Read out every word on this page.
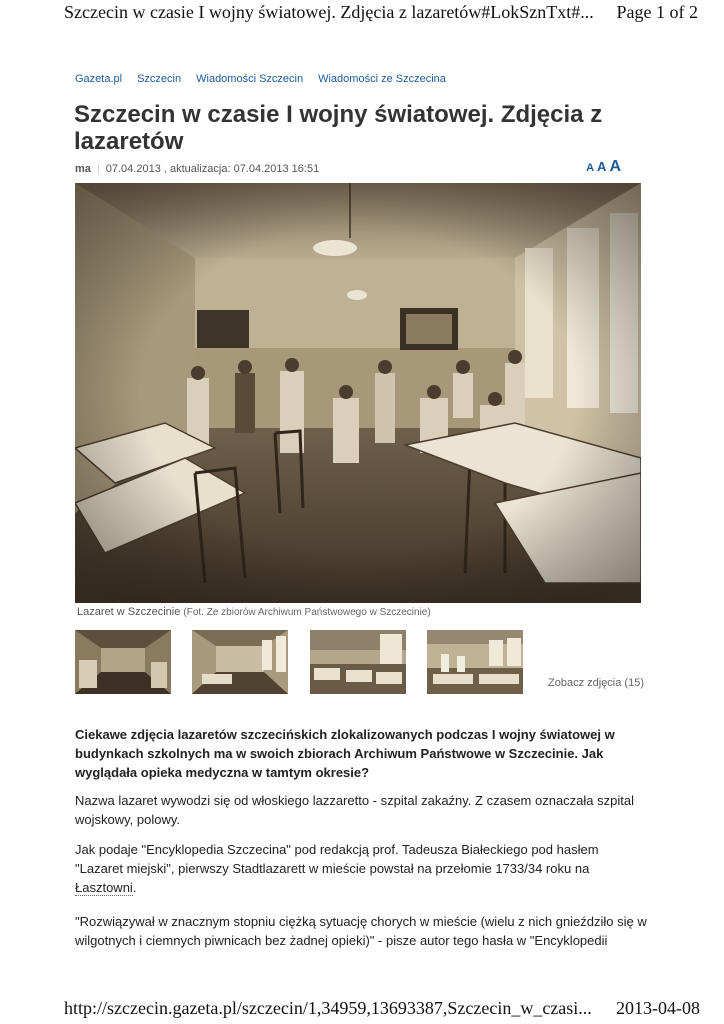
Szczecin w czasie I wojny światowej. Zdjęcia z lazaretów#LokSznTxt#... Page 1 of 2
Gazeta.pl Szczecin Wiadomości Szczecin Wiadomości ze Szczecina
Szczecin w czasie I wojny światowej. Zdjęcia z lazaretów
ma | 07.04.2013 , aktualizacja: 07.04.2013 16:51	A A A
Lazaret w Szczecinie (Fot. Ze zbiorów Archiwum Państwowego w Szczecinie)
Zobacz zdjęcia (15)

Ciekawe zdjęcia lazaretów szczecińskich zlokalizowanych podczas I wojny światowej w budynkach szkolnych ma w swoich zbiorach Archiwum Państwowe w Szczecinie. Jak wyglądała opieka medyczna w tamtym okresie?

Nazwa lazaret wywodzi się od włoskiego lazzaretto - szpital zakaźny. Z czasem oznaczała szpital wojskowy, polowy.

Jak podaje "Encyklopedia Szczecina" pod redakcją prof. Tadeusza Białeckiego pod hasłem "Lazaret miejski", pierwszy Stadtlazarett w mieście powstał na przełomie 1733/34 roku na Łasztowni.

"Rozwiązywał w znacznym stopniu ciężką sytuację chorych w mieście (wielu z nich gnieździło się w wilgotnych i ciemnych piwnicach bez żadnej opieki)" - pisze autor tego hasła w "Encyklopedii

http://szczecin.gazeta.pl/szczecin/1,34959,13693387,Szczecin_w_czasi... 2013-04-08
